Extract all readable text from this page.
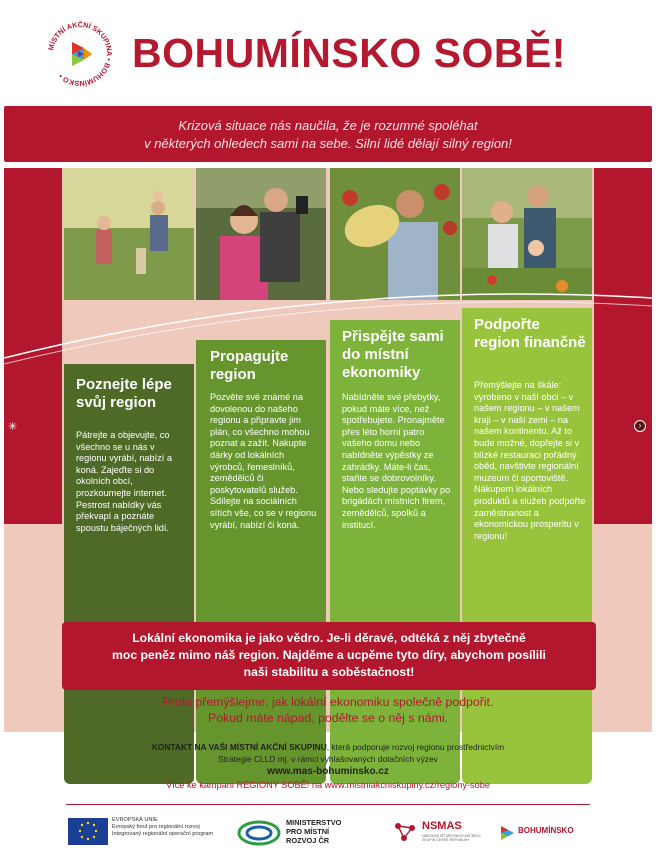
MÍSTNÍ AKČNÍ SKUPINA • BOHUMÍNSKO •
BOHUMÍNSKO SOBĚ!
Krizová situace nás naučila, že je rozumné spoléhat
v některých ohledech sami na sebe. Silní lidé dělají silný region!
✳	›
Poznejte lépe svůj region
Pátrejte a objevujte, co všechno se u nás v regionu vyrábí, nabízí a koná. Zajeďte si do okolních obcí, prozkoumejte internet. Pestrost nabídky vás překvapí a poznáte spoustu báječných lidí.
Propagujte region
Pozvěte své známé na dovolenou do našeho regionu a připravte jim plán, co všechno mohou poznat a zažít. Nakupte dárky od lokálních výrobců, řemeslníků, zemědělců či poskytovatelů služeb. Sdílejte na sociálních sítích vše, co se v regionu vyrábí, nabízí či koná.
Přispějte sami do místní ekonomiky
Nabídněte své přebytky, pokud máte více, než spotřebujete. Pronajměte přes léto horní patro vašeho domu nebo nabídněte výpěstky ze zahrádky. Máte-li čas, staňte se dobrovolníky. Nebo sledujte poptávky po brigádách místních firem, zemědělců, spolků a institucí.
Podpořte region finančně
Přemýšlejte na škále: vyrobeno v naší obci – v našem regionu – v našem kraji – v naší zemi – na našem kontinentu. Až to bude možné, dopřejte si v blízké restauraci pořádný oběd, navštivte regionální muzeum či sportoviště. Nákupem lokálních produktů a služeb podpořte zaměstnanost a ekonomickou prosperitu v regionu!
Lokální ekonomika je jako vědro. Je-li děravé, odtéká z něj zbytečně
moc peněz mimo náš region. Najděme a ucpěme tyto díry, abychom posílili
naši stabilitu a soběstačnost!
Proto přemýšlejme, jak lokální ekonomiku společně podpořit.
Pokud máte nápad, podělte se o něj s námi.
KONTAKT NA VAŠI MÍSTNÍ AKČNÍ SKUPINU, která podporuje rozvoj regionu prostřednictvím
Strategie CLLD mj. v rámci vyhlašovaných dotačních výzev
www.mas-bohuminsko.cz
Více ke kampani REGIONY SOBĚ! na www.mistniakcniskupiny.cz/regiony-sobe
EVROPSKÁ UNIE
Evropský fond pro regionální rozvoj
Integrovaný regionální operační program
MINISTERSTVO
PRO MÍSTNÍ
ROZVOJ ČR
NSMAS
NÁRODNÍ SÍŤ MÍSTNÍCH AKČNÍCH SKUPIN ČESKÉ REPUBLIKY
BOHUMÍNSKO
